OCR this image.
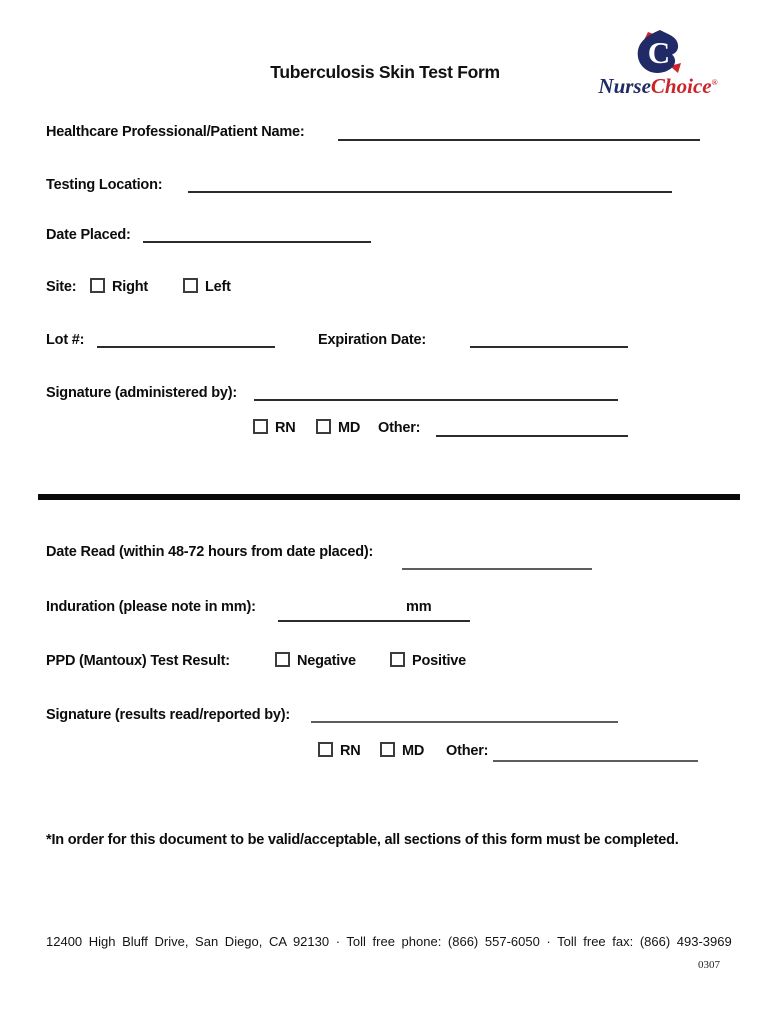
Tuberculosis Skin Test Form
C
NurseChoice®
Healthcare Professional/Patient Name:
Testing Location:
Date Placed:
Site: Right	Left
Lot #:	Expiration Date:
Signature (administered by):
RN	MD Other:
Date Read (within 48-72 hours from date placed):
Induration (please note in mm):	mm
PPD (Mantoux) Test Result:	Negative	Positive
Signature (results read/reported by):
RN	MD Other:
*In order for this document to be valid/acceptable, all sections of this form must be completed.
12400 High Bluff Drive, San Diego, CA 92130 · Toll free phone: (866) 557-6050 · Toll free fax: (866) 493-3969
0307
